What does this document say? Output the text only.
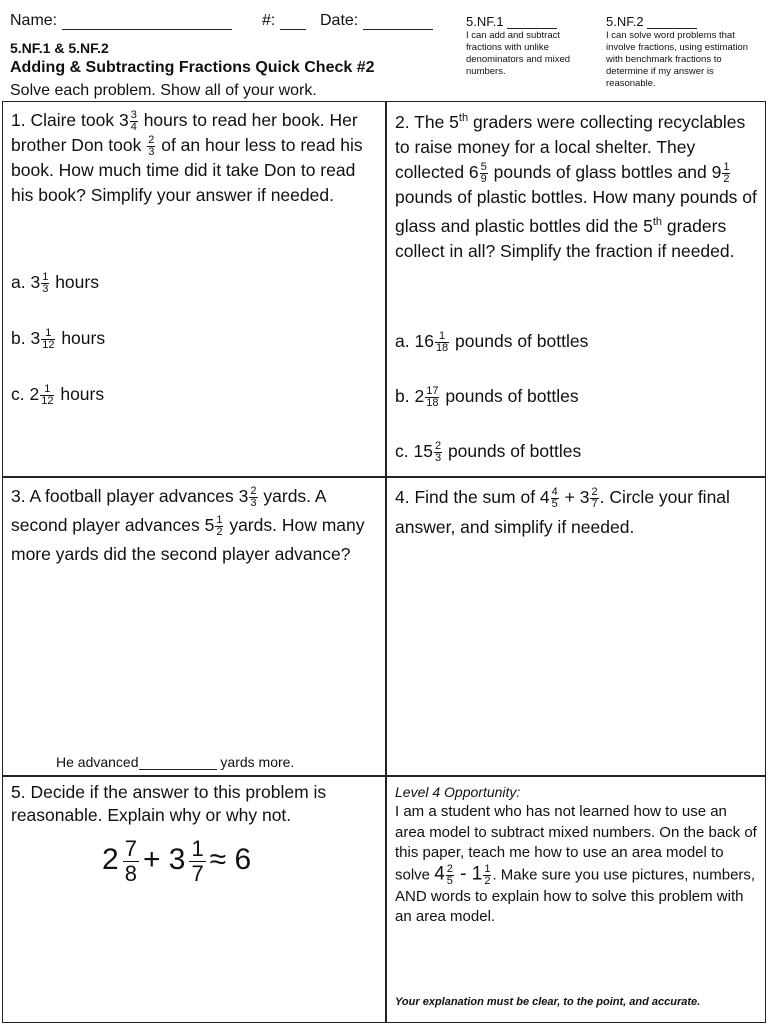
Name:	#:	Date:
5.NF.1 & 5.NF.2
Adding & Subtracting Fractions Quick Check #2
Solve each problem. Show all of your work.
5.NF.1
I can add and subtract fractions with unlike denominators and mixed numbers.
5.NF.2
I can solve word problems that involve fractions, using estimation with benchmark fractions to determine if my answer is reasonable.
1. Claire took $3 \frac{3}{4}$ hours to read her book. Her brother Don took $\frac{2}{3}$ of an hour less to read his book. How much time did it take Don to read his book? Simplify your answer if needed.
a. $3 \frac{1}{3}$ hours
b. $3 \frac{1}{12}$ hours
c. $2 \frac{1}{12}$ hours
2. The 5th graders were collecting recyclables to raise money for a local shelter. They collected $6 \frac{5}{9}$ pounds of glass bottles and $9 \frac{1}{2}$
pounds of plastic bottles. How many pounds of glass and plastic bottles did the 5th graders collect in all? Simplify the fraction if needed.
a. $16 \frac{1}{18}$ pounds of bottles
b. $2 \frac{17}{18}$ pounds of bottles
c. $15 \frac{2}{3}$ pounds of bottles
3. A football player advances $3 \frac{2}{3}$ yards. A second player advances $5 \frac{1}{2}$ yards. How many more yards did the second player advance?
He advanced	yards more.
4. Find the sum of $4 \frac{4}{5} + 3 \frac{2}{7}$ . Circle your final answer, and simplify if needed.
5. Decide if the answer to this problem is reasonable. Explain why or why not.
$2 \frac{7}{8} + 3 \frac{1}{7} \approx 6$
Level 4 Opportunity:
I am a student who has not learned how to use an area model to subtract mixed numbers. On the back of this paper, teach me how to use an area model to solve $4 \frac{2}{5} - 1 \frac{1}{2}$ . Make sure you use pictures, numbers, AND words to explain how to solve this problem with an area model.
Your explanation must be clear, to the point, and accurate.
